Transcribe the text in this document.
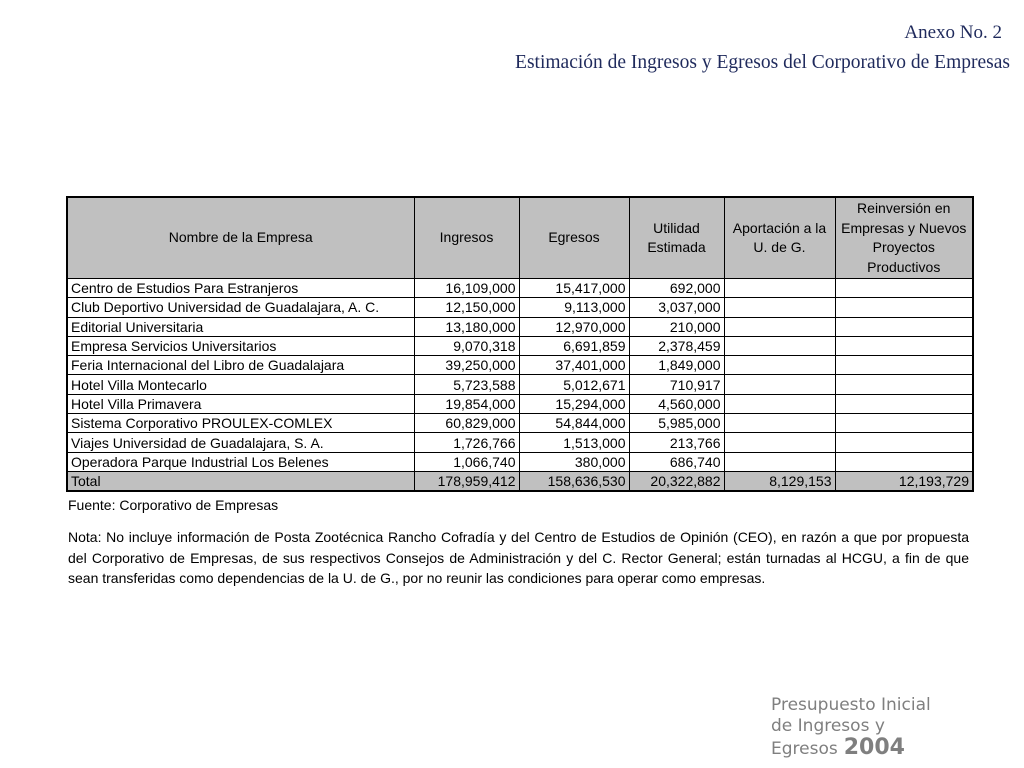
Anexo No. 2
Estimación de Ingresos y Egresos del Corporativo de Empresas
Nombre de la Empresa	Ingresos	Egresos	Utilidad Estimada	Aportación a la U. de G.	Reinversión en Empresas y Nuevos Proyectos Productivos
Centro de Estudios Para Estranjeros	16,109,000	15,417,000	692,000		
Club Deportivo Universidad de Guadalajara, A. C.	12,150,000	9,113,000	3,037,000		
Editorial Universitaria	13,180,000	12,970,000	210,000		
Empresa Servicios Universitarios	9,070,318	6,691,859	2,378,459		
Feria Internacional del Libro de Guadalajara	39,250,000	37,401,000	1,849,000		
Hotel Villa Montecarlo	5,723,588	5,012,671	710,917		
Hotel Villa Primavera	19,854,000	15,294,000	4,560,000		
Sistema Corporativo PROULEX-COMLEX	60,829,000	54,844,000	5,985,000		
Viajes Universidad de Guadalajara, S. A.	1,726,766	1,513,000	213,766		
Operadora Parque Industrial Los Belenes	1,066,740	380,000	686,740		
Total	178,959,412	158,636,530	20,322,882	8,129,153	12,193,729
Fuente: Corporativo de Empresas
Nota: No incluye información de Posta Zootécnica Rancho Cofradía y del Centro de Estudios de Opinión (CEO), en razón a que por propuesta del Corporativo de Empresas, de sus respectivos Consejos de Administración y del C. Rector General; están turnadas al HCGU, a fin de que sean transferidas como dependencias de la U. de G., por no reunir las condiciones para operar como empresas.
Presupuesto Inicial
de Ingresos y Egresos 2004
